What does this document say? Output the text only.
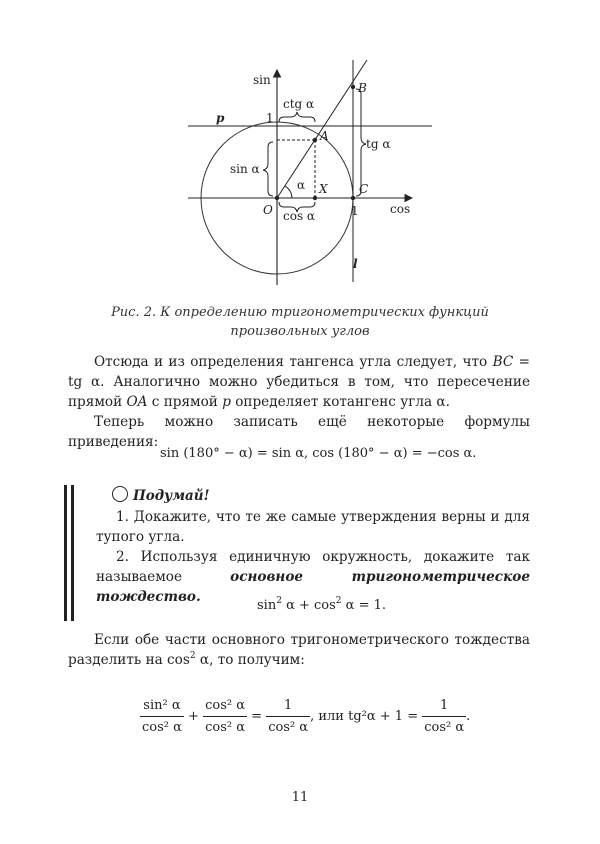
sin
cos
p	1
ctg α
A
B
tg α
sin α
α X	C
O cos α	1
l
Рис. 2. К определению тригонометрических функций
произвольных углов
Отсюда и из определения тангенса угла следует, что BC = tg α. Аналогично можно убедиться в том, что пересечение прямой OA с прямой p определяет котангенс угла α.
Теперь можно записать ещё некоторые формулы приведения:
sin (180° − α) = sin α, cos (180° − α) = −cos α.
Подумай!
1. Докажите, что те же самые утверждения верны и для тупого угла.
2. Используя единичную окружность, докажите так называемое основное тригонометрическое тождество.
$\sin^2 \alpha + \cos^2 \alpha = 1$.
Если обе части основного тригонометрического тождества разделить на $\cos^2 \alpha$, то получим:
$\frac{\text{sin² α}}{\text{cos² α}} + \frac{\text{cos² α}}{\text{cos² α}} = \frac{1}{\text{cos² α}}$ , или $tg^2\alpha + 1 = \frac{1}{\text{cos² α}}$ .
11
